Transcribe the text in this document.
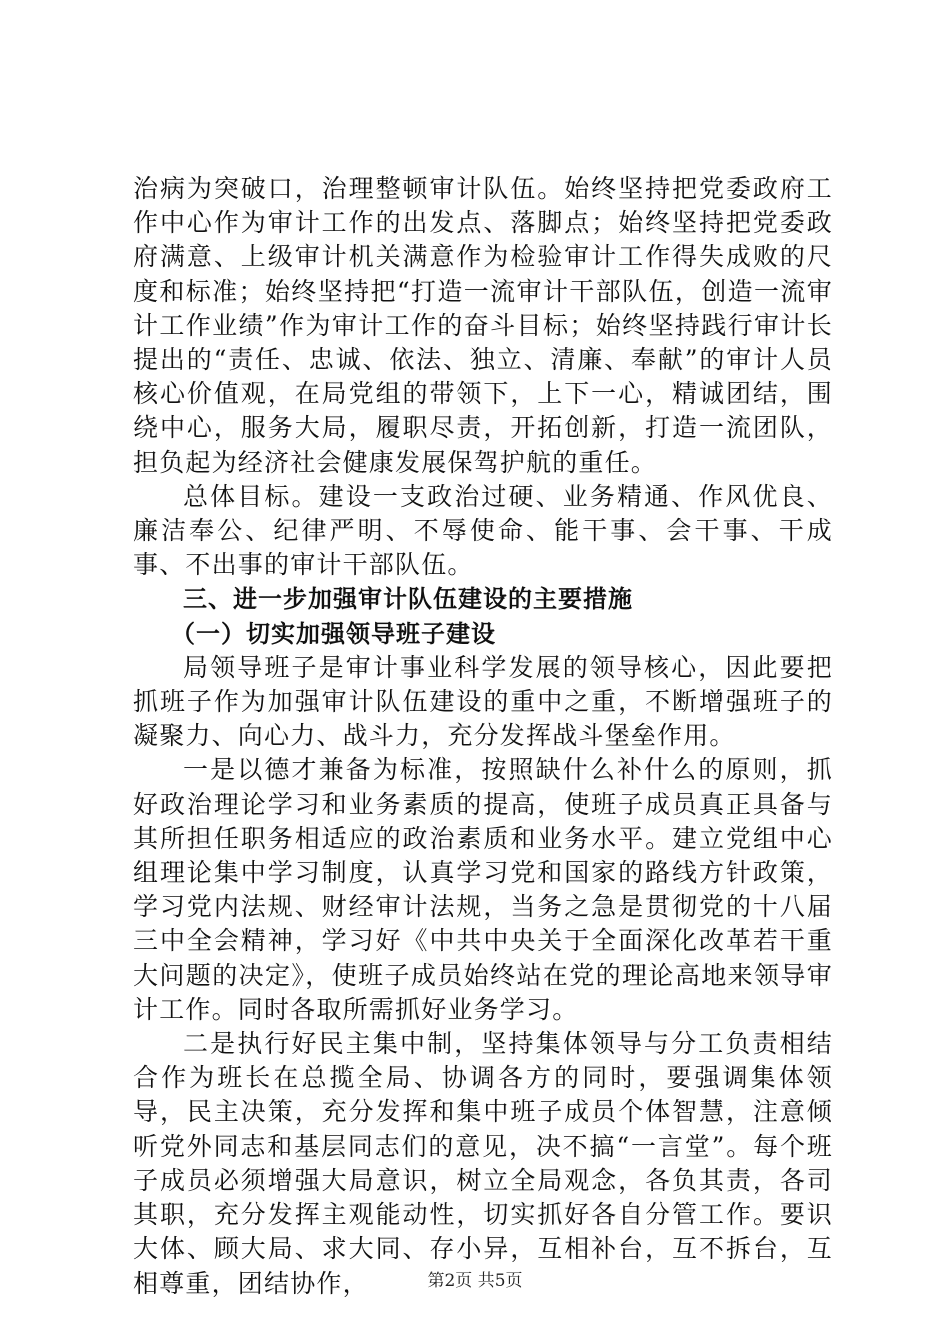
治病为突破口，治理整顿审计队伍。始终坚持把党委政府工作中心作为审计工作的出发点、落脚点；始终坚持把党委政府满意、上级审计机关满意作为检验审计工作得失成败的尺度和标准；始终坚持把“打造一流审计干部队伍，创造一流审计工作业绩”作为审计工作的奋斗目标；始终坚持践行审计长提出的“责任、忠诚、依法、独立、清廉、奉献”的审计人员核心价值观，在局党组的带领下，上下一心，精诚团结，围绕中心，服务大局，履职尽责，开拓创新，打造一流团队，担负起为经济社会健康发展保驾护航的重任。

总体目标。建设一支政治过硬、业务精通、作风优良、廉洁奉公、纪律严明、不辱使命、能干事、会干事、干成事、不出事的审计干部队伍。

三、进一步加强审计队伍建设的主要措施

（一）切实加强领导班子建设

局领导班子是审计事业科学发展的领导核心，因此要把抓班子作为加强审计队伍建设的重中之重，不断增强班子的凝聚力、向心力、战斗力，充分发挥战斗堡垒作用。

一是以德才兼备为标准，按照缺什么补什么的原则，抓好政治理论学习和业务素质的提高，使班子成员真正具备与其所担任职务相适应的政治素质和业务水平。建立党组中心组理论集中学习制度，认真学习党和国家的路线方针政策，学习党内法规、财经审计法规，当务之急是贯彻党的十八届三中全会精神，学习好《中共中央关于全面深化改革若干重大问题的决定》，使班子成员始终站在党的理论高地来领导审计工作。同时各取所需抓好业务学习。

二是执行好民主集中制，坚持集体领导与分工负责相结合作为班长在总揽全局、协调各方的同时，要强调集体领导，民主决策，充分发挥和集中班子成员个体智慧，注意倾听党外同志和基层同志们的意见，决不搞“一言堂”。每个班子成员必须增强大局意识，树立全局观念，各负其责，各司其职，充分发挥主观能动性，切实抓好各自分管工作。要识大体、顾大局、求大同、存小异，互相补台，互不拆台，互相尊重，团结协作，	第2页 共5页
